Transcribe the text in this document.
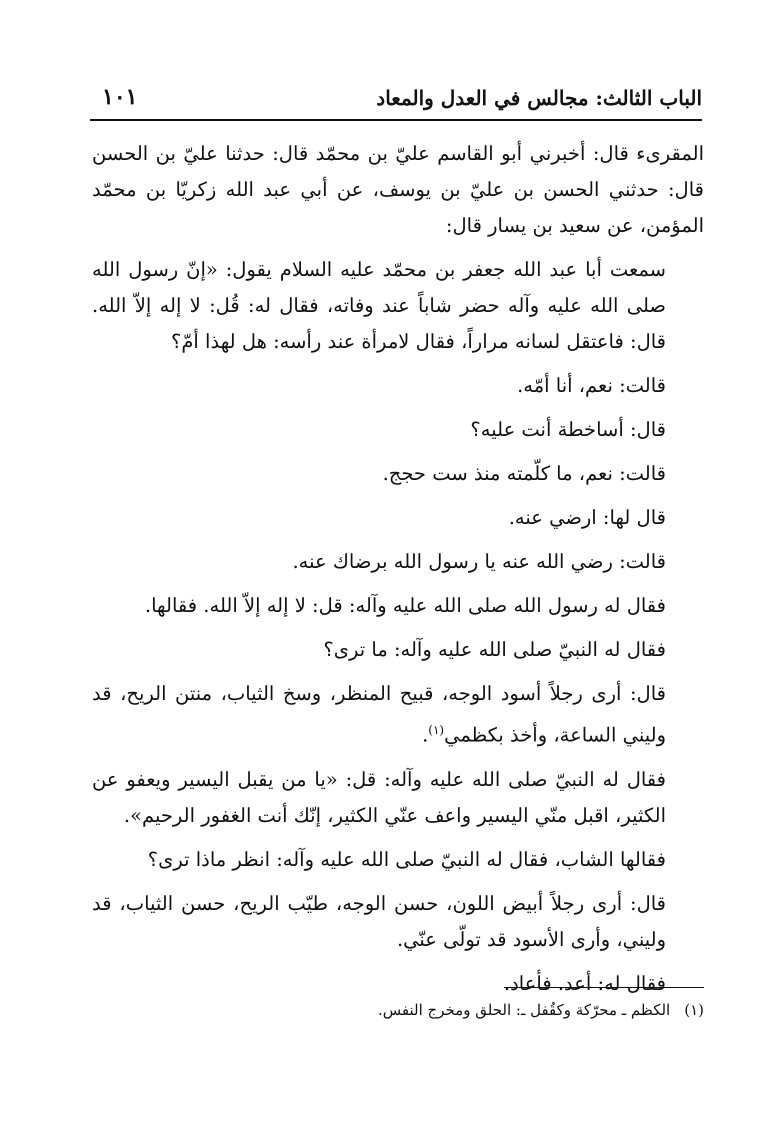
الباب الثالث: مجالس في العدل والمعاد
١٠١

المقرىء قال: أخبرني أبو القاسم عليّ بن محمّد قال: حدثنا عليّ بن الحسن قال: حدثني الحسن بن عليّ بن يوسف، عن أبي عبد الله زكريّا بن محمّد المؤمن، عن سعيد بن يسار قال:

سمعت أبا عبد الله جعفر بن محمّد عليه السلام يقول: «إنّ رسول الله صلى الله عليه وآله حضر شاباً عند وفاته، فقال له: قُل: لا إله إلاّ الله. قال: فاعتقل لسانه مراراً، فقال لامرأة عند رأسه: هل لهذا أمّ؟

قالت: نعم، أنا أمّه.

قال: أساخطة أنت عليه؟

قالت: نعم، ما كلّمته منذ ست حجج.

قال لها: ارضي عنه.

قالت: رضي الله عنه يا رسول الله برضاك عنه.

فقال له رسول الله صلى الله عليه وآله: قل: لا إله إلاّ الله. فقالها.

فقال له النبيّ صلى الله عليه وآله: ما ترى؟

قال: أرى رجلاً أسود الوجه، قبيح المنظر، وسخ الثياب، منتن الريح، قد وليني الساعة، وأخذ بكظمي$^{(١)}$.

فقال له النبيّ صلى الله عليه وآله: قل: «يا من يقبل اليسير ويعفو عن الكثير، اقبل منّي اليسير واعف عنّي الكثير، إنّك أنت الغفور الرحيم».

فقالها الشاب، فقال له النبيّ صلى الله عليه وآله: انظر ماذا ترى؟

قال: أرى رجلاً أبيض اللون، حسن الوجه، طيّب الريح، حسن الثياب، قد وليني، وأرى الأسود قد تولّى عنّي.

فقال له: أعد. فأعاد.

(١)الكظم ـ محرّكة وكقُفل ـ: الحلق ومخرج النفس.
